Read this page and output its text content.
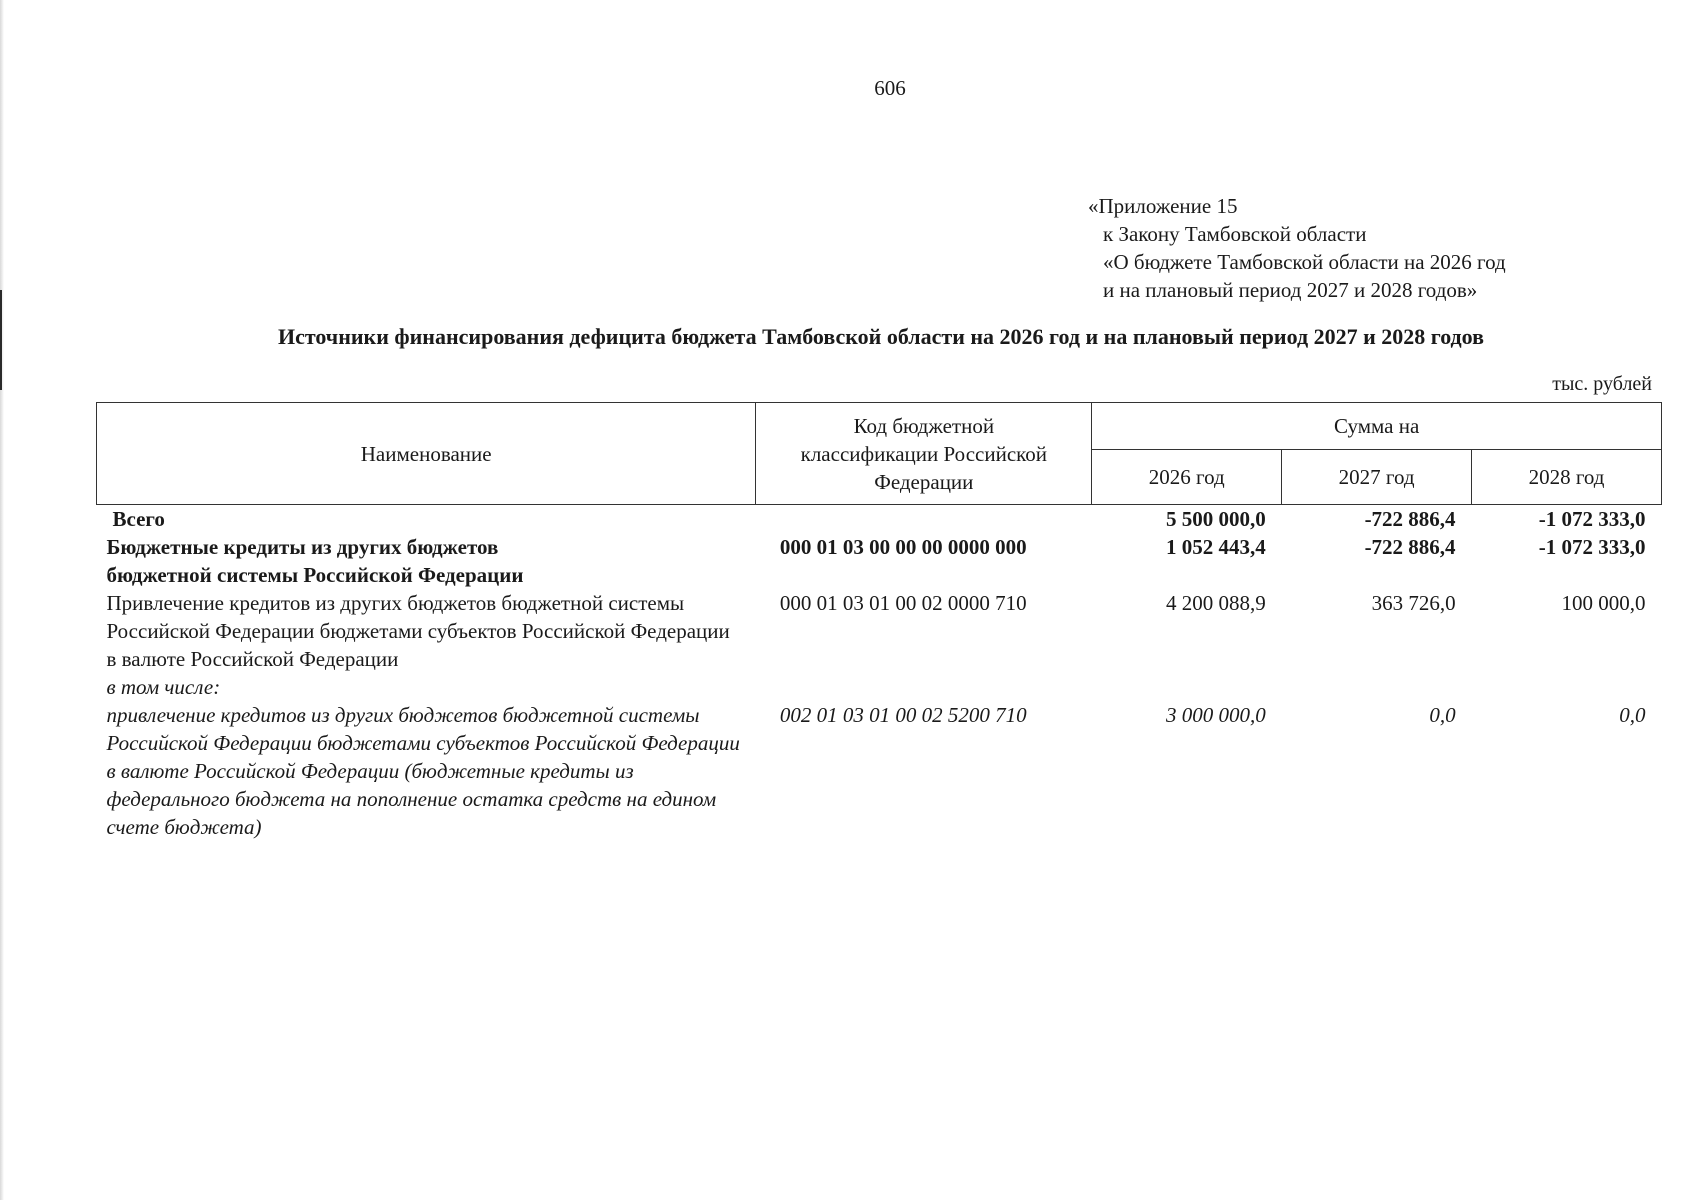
606
«Приложение 15
к Закону Тамбовской области
«О бюджете Тамбовской области на 2026 год
и на плановый период 2027 и 2028 годов»
Источники финансирования дефицита бюджета Тамбовской области на 2026 год и на плановый период 2027 и 2028 годов
тыс. рублей
Наименование	Код бюджетной классификации Российской Федерации	Сумма на		
		2026 год	2027 год	2028 год
Всего		5 500 000,0	-722 886,4	-1 072 333,0
Бюджетные кредиты из других бюджетов бюджетной системы Российской Федерации	000 01 03 00 00 00 0000 000	1 052 443,4	-722 886,4	-1 072 333,0
Привлечение кредитов из других бюджетов бюджетной системы Российской Федерации бюджетами субъектов Российской Федерации в валюте Российской Федерации	000 01 03 01 00 02 0000 710	4 200 088,9	363 726,0	100 000,0
в том числе:				
привлечение кредитов из других бюджетов бюджетной системы Российской Федерации бюджетами субъектов Российской Федерации в валюте Российской Федерации (бюджетные кредиты из федерального бюджета на пополнение остатка средств на едином счете бюджета)	002 01 03 01 00 02 5200 710	3 000 000,0	0,0	0,0
